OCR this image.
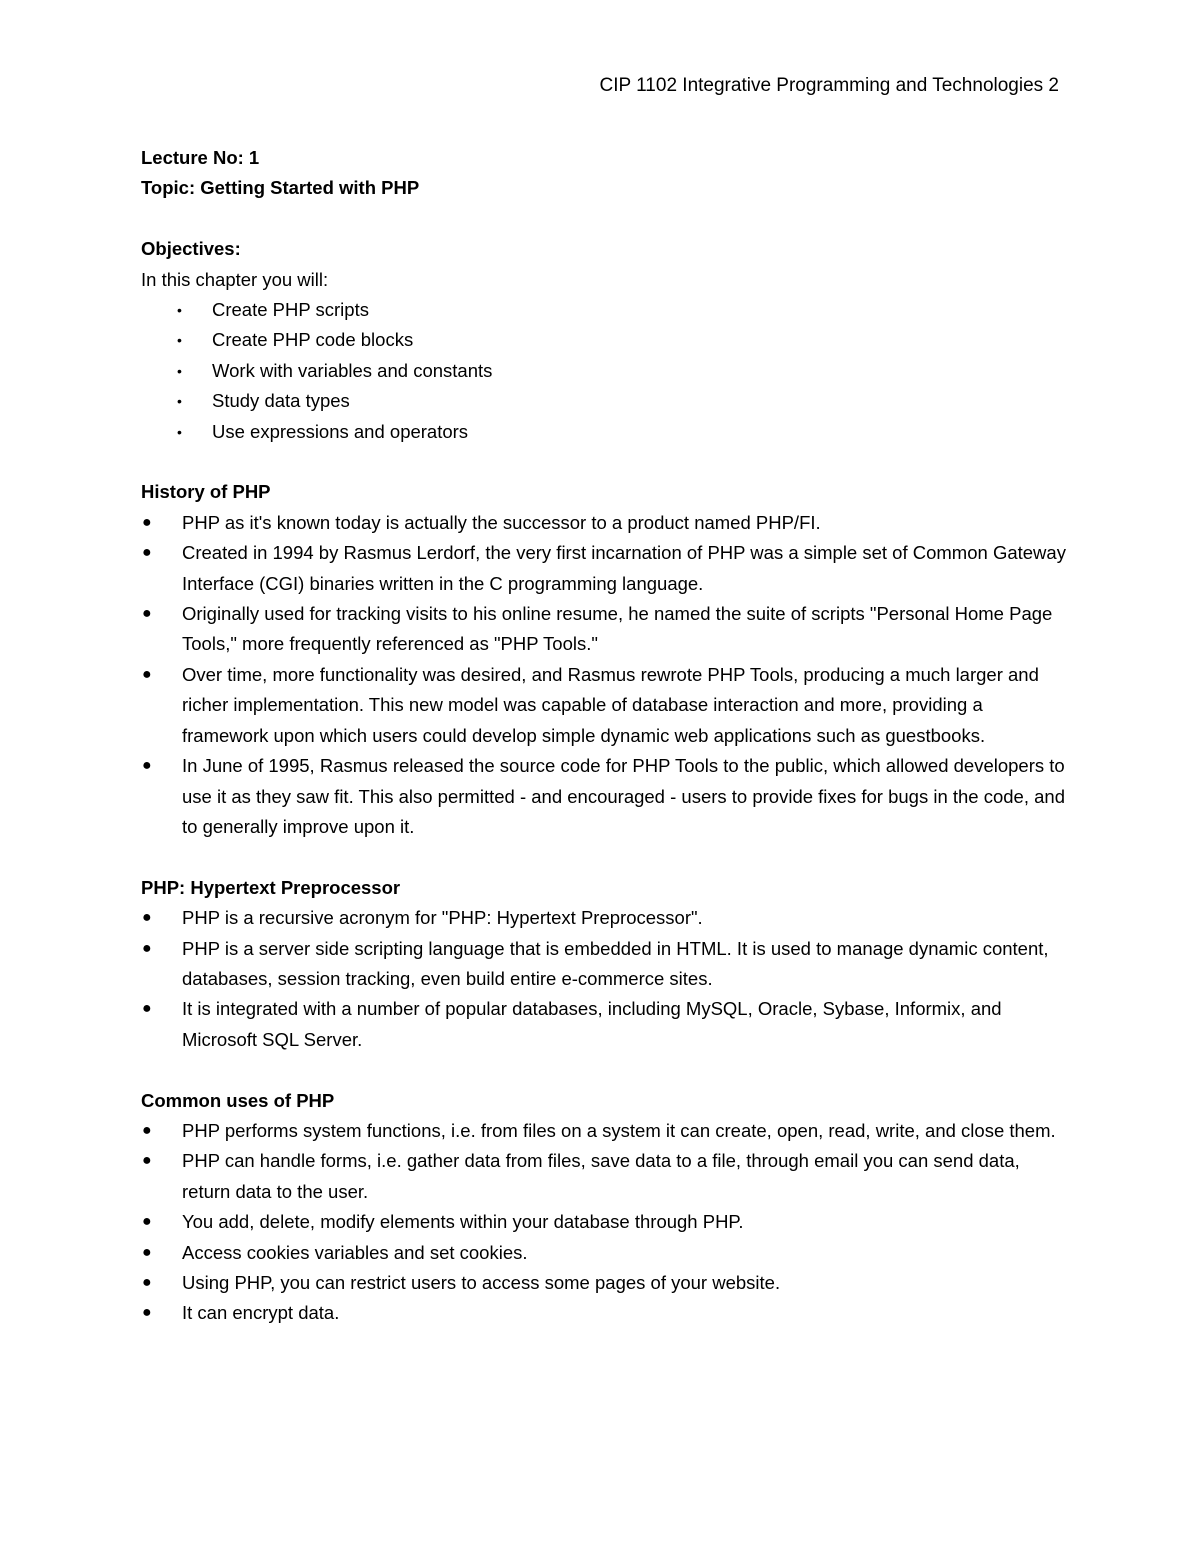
CIP 1102 Integrative Programming and Technologies 2

Lecture No: 1

Topic: Getting Started with PHP

Objectives:

In this chapter you will:

• Create PHP scripts
• Create PHP code blocks
• Work with variables and constants
• Study data types
• Use expressions and operators

History of PHP

● PHP as it's known today is actually the successor to a product named PHP/FI.
● Created in 1994 by Rasmus Lerdorf, the very first incarnation of PHP was a simple set of Common Gateway Interface (CGI) binaries written in the C programming language.
● Originally used for tracking visits to his online resume, he named the suite of scripts "Personal Home Page Tools," more frequently referenced as "PHP Tools."
● Over time, more functionality was desired, and Rasmus rewrote PHP Tools, producing a much larger and richer implementation. This new model was capable of database interaction and more, providing a framework upon which users could develop simple dynamic web applications such as guestbooks.
● In June of 1995, Rasmus released the source code for PHP Tools to the public, which allowed developers to use it as they saw fit. This also permitted - and encouraged - users to provide fixes for bugs in the code, and to generally improve upon it.

PHP: Hypertext Preprocessor

● PHP is a recursive acronym for "PHP: Hypertext Preprocessor".
● PHP is a server side scripting language that is embedded in HTML. It is used to manage dynamic content, databases, session tracking, even build entire e-commerce sites.
● It is integrated with a number of popular databases, including MySQL, Oracle, Sybase, Informix, and Microsoft SQL Server.

Common uses of PHP

● PHP performs system functions, i.e. from files on a system it can create, open, read, write, and close them.
● PHP can handle forms, i.e. gather data from files, save data to a file, through email you can send data, return data to the user.
● You add, delete, modify elements within your database through PHP.
● Access cookies variables and set cookies.
● Using PHP, you can restrict users to access some pages of your website.
● It can encrypt data.
